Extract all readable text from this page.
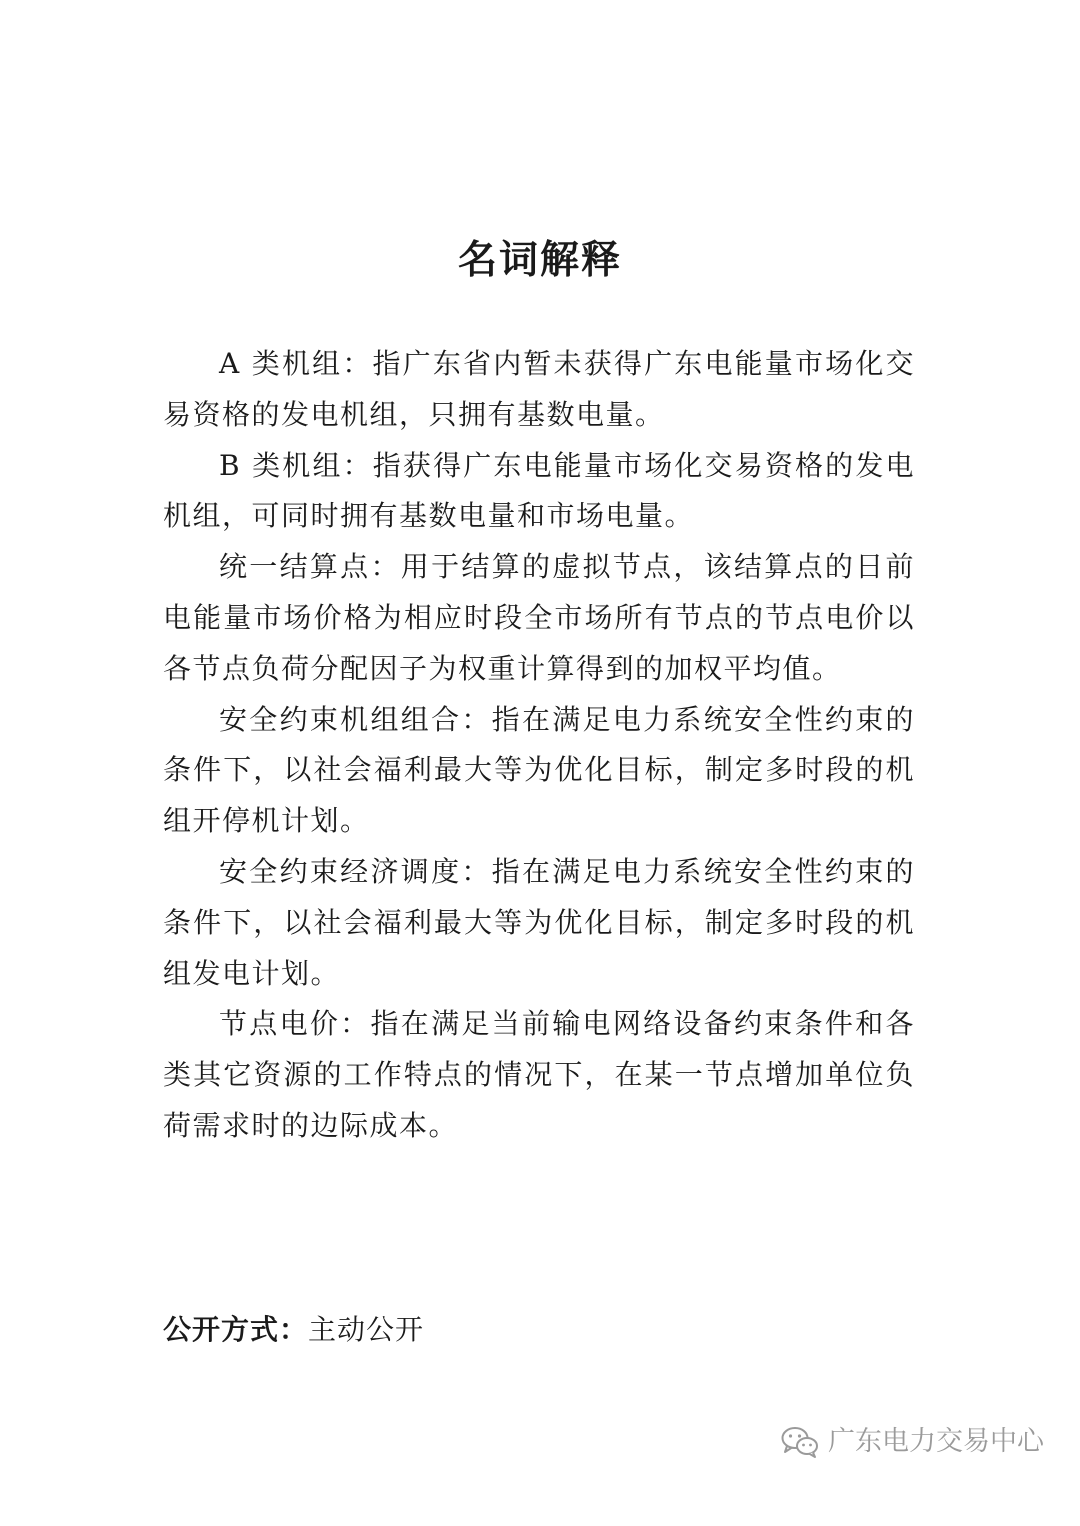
名词解释

A 类机组：指广东省内暂未获得广东电能量市场化交易资格的发电机组，只拥有基数电量。

B 类机组：指获得广东电能量市场化交易资格的发电机组，可同时拥有基数电量和市场电量。

统一结算点：用于结算的虚拟节点，该结算点的日前电能量市场价格为相应时段全市场所有节点的节点电价以各节点负荷分配因子为权重计算得到的加权平均值。

安全约束机组组合：指在满足电力系统安全性约束的条件下，以社会福利最大等为优化目标，制定多时段的机组开停机计划。

安全约束经济调度：指在满足电力系统安全性约束的条件下，以社会福利最大等为优化目标，制定多时段的机组发电计划。

节点电价：指在满足当前输电网络设备约束条件和各类其它资源的工作特点的情况下，在某一节点增加单位负荷需求时的边际成本。

公开方式：主动公开
广东电力交易中心
